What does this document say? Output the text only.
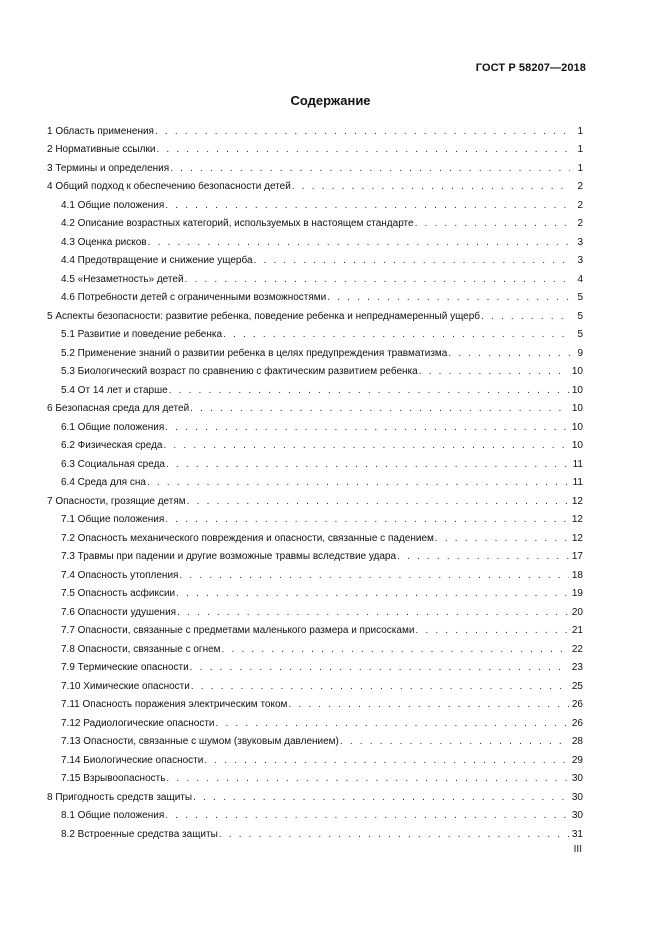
ГОСТ Р 58207—2018
Содержание
1 Область применения . . .	1
2 Нормативные ссылки . . .	1
3 Термины и определения . . .	1
4 Общий подход к обеспечению безопасности детей . . .	2
4.1 Общие положения . . .	2
4.2 Описание возрастных категорий, используемых в настоящем стандарте . . .	2
4.3 Оценка рисков . . .	3
4.4 Предотвращение и снижение ущерба . . .	3
4.5 «Незаметность» детей . . .	4
4.6 Потребности детей с ограниченными возможностями . . .	5
5 Аспекты безопасности: развитие ребенка, поведение ребенка и непреднамеренный ущерб . . .	5
5.1 Развитие и поведение ребенка . . .	5
5.2 Применение знаний о развитии ребенка в целях предупреждения травматизма . . .	9
5.3 Биологический возраст по сравнению с фактическим развитием ребенка . . .	10
5.4 От 14 лет и старше . . .	10
6 Безопасная среда для детей . . .	10
6.1 Общие положения . . .	10
6.2 Физическая среда . . .	10
6.3 Социальная среда . . .	11
6.4 Среда для сна . . .	11
7 Опасности, грозящие детям . . .	12
7.1 Общие положения . . .	12
7.2 Опасность механического повреждения и опасности, связанные с падением . . .	12
7.3 Травмы при падении и другие возможные травмы вследствие удара . . .	17
7.4 Опасность утопления . . .	18
7.5 Опасность асфиксии . . .	19
7.6 Опасности удушения . . .	20
7.7 Опасности, связанные с предметами маленького размера и присосками . . .	21
7.8 Опасности, связанные с огнем . . .	22
7.9 Термические опасности . . .	23
7.10 Химические опасности . . .	25
7.11 Опасность поражения электрическим током . . .	26
7.12 Радиологические опасности . . .	26
7.13 Опасности, связанные с шумом (звуковым давлением) . . .	28
7.14 Биологические опасности . . .	29
7.15 Взрывоопасность . . .	30
8 Пригодность средств защиты . . .	30
8.1 Общие положения . . .	30
8.2 Встроенные средства защиты . . .	31
III
